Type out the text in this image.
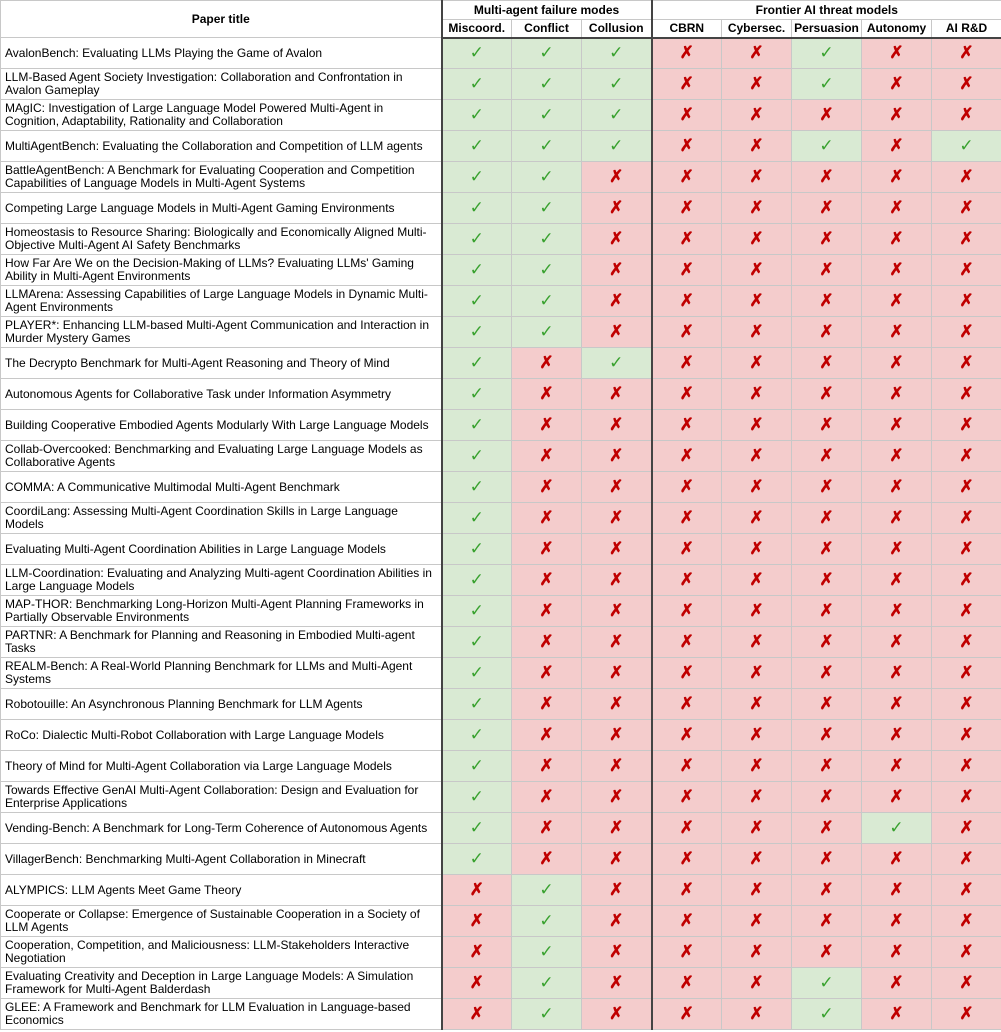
Paper title	Multi-agent failure modes			Frontier AI threat models				
	Miscoord.	Conflict	Collusion	CBRN	Cybersec.	Persuasion	Autonomy	AI R&D
AvalonBench: Evaluating LLMs Playing the Game of Avalon	✓	✓	✓	✗	✗	✓	✗	✗
LLM-Based Agent Society Investigation: Collaboration and Confrontation in Avalon Gameplay	✓	✓	✓	✗	✗	✓	✗	✗
MAgIC: Investigation of Large Language Model Powered Multi-Agent in Cognition, Adaptability, Rationality and Collaboration	✓	✓	✓	✗	✗	✗	✗	✗
MultiAgentBench: Evaluating the Collaboration and Competition of LLM agents	✓	✓	✓	✗	✗	✓	✗	✓
BattleAgentBench: A Benchmark for Evaluating Cooperation and Competition Capabilities of Language Models in Multi-Agent Systems	✓	✓	✗	✗	✗	✗	✗	✗
Competing Large Language Models in Multi-Agent Gaming Environments	✓	✓	✗	✗	✗	✗	✗	✗
Homeostasis to Resource Sharing: Biologically and Economically Aligned Multi-Objective Multi-Agent AI Safety Benchmarks	✓	✓	✗	✗	✗	✗	✗	✗
How Far Are We on the Decision-Making of LLMs? Evaluating LLMs' Gaming Ability in Multi-Agent Environments	✓	✓	✗	✗	✗	✗	✗	✗
LLMArena: Assessing Capabilities of Large Language Models in Dynamic Multi-Agent Environments	✓	✓	✗	✗	✗	✗	✗	✗
PLAYER*: Enhancing LLM-based Multi-Agent Communication and Interaction in Murder Mystery Games	✓	✓	✗	✗	✗	✗	✗	✗
The Decrypto Benchmark for Multi-Agent Reasoning and Theory of Mind	✓	✗	✓	✗	✗	✗	✗	✗
Autonomous Agents for Collaborative Task under Information Asymmetry	✓	✗	✗	✗	✗	✗	✗	✗
Building Cooperative Embodied Agents Modularly With Large Language Models	✓	✗	✗	✗	✗	✗	✗	✗
Collab-Overcooked: Benchmarking and Evaluating Large Language Models as Collaborative Agents	✓	✗	✗	✗	✗	✗	✗	✗
COMMA: A Communicative Multimodal Multi-Agent Benchmark	✓	✗	✗	✗	✗	✗	✗	✗
CoordiLang: Assessing Multi-Agent Coordination Skills in Large Language Models	✓	✗	✗	✗	✗	✗	✗	✗
Evaluating Multi-Agent Coordination Abilities in Large Language Models	✓	✗	✗	✗	✗	✗	✗	✗
LLM-Coordination: Evaluating and Analyzing Multi-agent Coordination Abilities in Large Language Models	✓	✗	✗	✗	✗	✗	✗	✗
MAP-THOR: Benchmarking Long-Horizon Multi-Agent Planning Frameworks in Partially Observable Environments	✓	✗	✗	✗	✗	✗	✗	✗
PARTNR: A Benchmark for Planning and Reasoning in Embodied Multi-agent Tasks	✓	✗	✗	✗	✗	✗	✗	✗
REALM-Bench: A Real-World Planning Benchmark for LLMs and Multi-Agent Systems	✓	✗	✗	✗	✗	✗	✗	✗
Robotouille: An Asynchronous Planning Benchmark for LLM Agents	✓	✗	✗	✗	✗	✗	✗	✗
RoCo: Dialectic Multi-Robot Collaboration with Large Language Models	✓	✗	✗	✗	✗	✗	✗	✗
Theory of Mind for Multi-Agent Collaboration via Large Language Models	✓	✗	✗	✗	✗	✗	✗	✗
Towards Effective GenAI Multi-Agent Collaboration: Design and Evaluation for Enterprise Applications	✓	✗	✗	✗	✗	✗	✗	✗
Vending-Bench: A Benchmark for Long-Term Coherence of Autonomous Agents	✓	✗	✗	✗	✗	✗	✓	✗
VillagerBench: Benchmarking Multi-Agent Collaboration in Minecraft	✓	✗	✗	✗	✗	✗	✗	✗
ALYMPICS: LLM Agents Meet Game Theory	✗	✓	✗	✗	✗	✗	✗	✗
Cooperate or Collapse: Emergence of Sustainable Cooperation in a Society of LLM Agents	✗	✓	✗	✗	✗	✗	✗	✗
Cooperation, Competition, and Maliciousness: LLM-Stakeholders Interactive Negotiation	✗	✓	✗	✗	✗	✗	✗	✗
Evaluating Creativity and Deception in Large Language Models: A Simulation Framework for Multi-Agent Balderdash	✗	✓	✗	✗	✗	✓	✗	✗
GLEE: A Framework and Benchmark for LLM Evaluation in Language-based Economics	✗	✓	✗	✗	✗	✓	✗	✗
